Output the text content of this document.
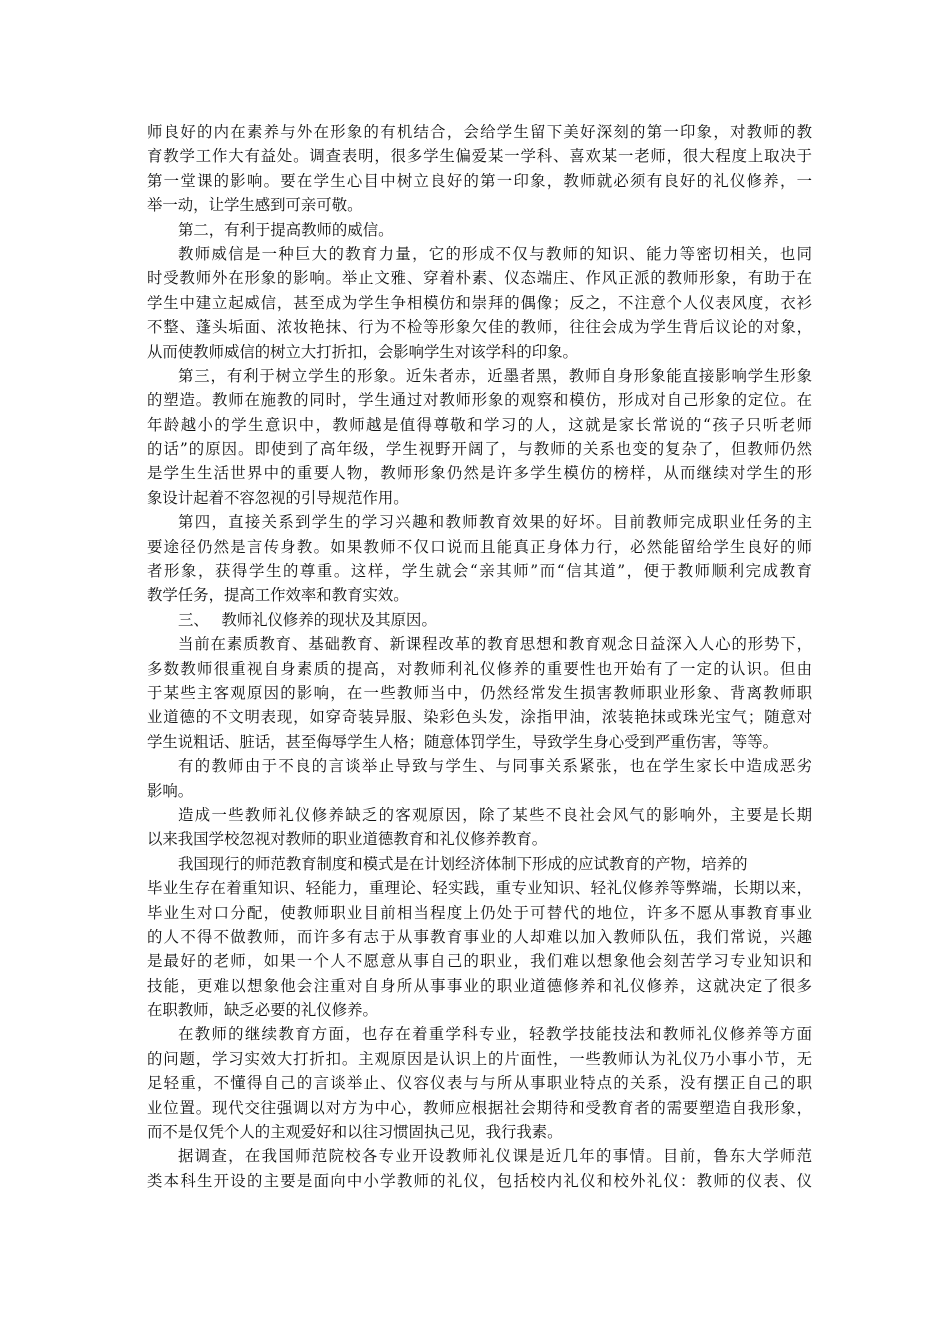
师良好的内在素养与外在形象的有机结合，会给学生留下美好深刻的第一印象，对教师的教
育教学工作大有益处。调查表明，很多学生偏爱某一学科、喜欢某一老师，很大程度上取决于
第一堂课的影响。要在学生心目中树立良好的第一印象，教师就必须有良好的礼仪修养，一
举一动，让学生感到可亲可敬。
第二，有利于提高教师的威信。
教师威信是一种巨大的教育力量，它的形成不仅与教师的知识、能力等密切相关，也同
时受教师外在形象的影响。举止文雅、穿着朴素、仪态端庄、作风正派的教师形象，有助于在
学生中建立起威信，甚至成为学生争相模仿和崇拜的偶像；反之，不注意个人仪表风度，衣衫
不整、蓬头垢面、浓妆艳抹、行为不检等形象欠佳的教师，往往会成为学生背后议论的对象，
从而使教师威信的树立大打折扣，会影响学生对该学科的印象。
第三，有利于树立学生的形象。近朱者赤，近墨者黑，教师自身形象能直接影响学生形象
的塑造。教师在施教的同时，学生通过对教师形象的观察和模仿，形成对自己形象的定位。在
年龄越小的学生意识中，教师越是值得尊敬和学习的人，这就是家长常说的“孩子只听老师
的话”的原因。即使到了高年级，学生视野开阔了，与教师的关系也变的复杂了，但教师仍然
是学生生活世界中的重要人物，教师形象仍然是许多学生模仿的榜样，从而继续对学生的形
象设计起着不容忽视的引导规范作用。
第四，直接关系到学生的学习兴趣和教师教育效果的好坏。目前教师完成职业任务的主
要途径仍然是言传身教。如果教师不仅口说而且能真正身体力行，必然能留给学生良好的师
者形象，获得学生的尊重。这样，学生就会“亲其师”而“信其道”，便于教师顺利完成教育
教学任务，提高工作效率和教育实效。
三、　 教师礼仪修养的现状及其原因。
当前在素质教育、基础教育、新课程改革的教育思想和教育观念日益深入人心的形势下，
多数教师很重视自身素质的提高，对教师利礼仪修养的重要性也开始有了一定的认识。但由
于某些主客观原因的影响，在一些教师当中，仍然经常发生损害教师职业形象、背离教师职
业道德的不文明表现，如穿奇装异服、染彩色头发，涂指甲油，浓装艳抹或珠光宝气；随意对
学生说粗话、脏话，甚至侮辱学生人格；随意体罚学生，导致学生身心受到严重伤害，等等。
有的教师由于不良的言谈举止导致与学生、与同事关系紧张，也在学生家长中造成恶劣
影响。
造成一些教师礼仪修养缺乏的客观原因，除了某些不良社会风气的影响外，主要是长期
以来我国学校忽视对教师的职业道德教育和礼仪修养教育。
我国现行的师范教育制度和模式是在计划经济体制下形成的应试教育的产物，培养的
毕业生存在着重知识、轻能力，重理论、轻实践，重专业知识、轻礼仪修养等弊端，长期以来，
毕业生对口分配，使教师职业目前相当程度上仍处于可替代的地位，许多不愿从事教育事业
的人不得不做教师，而许多有志于从事教育事业的人却难以加入教师队伍，我们常说，兴趣
是最好的老师，如果一个人不愿意从事自己的职业，我们难以想象他会刻苦学习专业知识和
技能，更难以想象他会注重对自身所从事事业的职业道德修养和礼仪修养，这就决定了很多
在职教师，缺乏必要的礼仪修养。
在教师的继续教育方面，也存在着重学科专业，轻教学技能技法和教师礼仪修养等方面
的问题，学习实效大打折扣。主观原因是认识上的片面性，一些教师认为礼仪乃小事小节，无
足轻重，不懂得自己的言谈举止、仪容仪表与与所从事职业特点的关系，没有摆正自己的职
业位置。现代交往强调以对方为中心，教师应根据社会期待和受教育者的需要塑造自我形象，
而不是仅凭个人的主观爱好和以往习惯固执己见，我行我素。
据调查，在我国师范院校各专业开设教师礼仪课是近几年的事情。目前，鲁东大学师范
类本科生开设的主要是面向中小学教师的礼仪，包括校内礼仪和校外礼仪：教师的仪表、仪
